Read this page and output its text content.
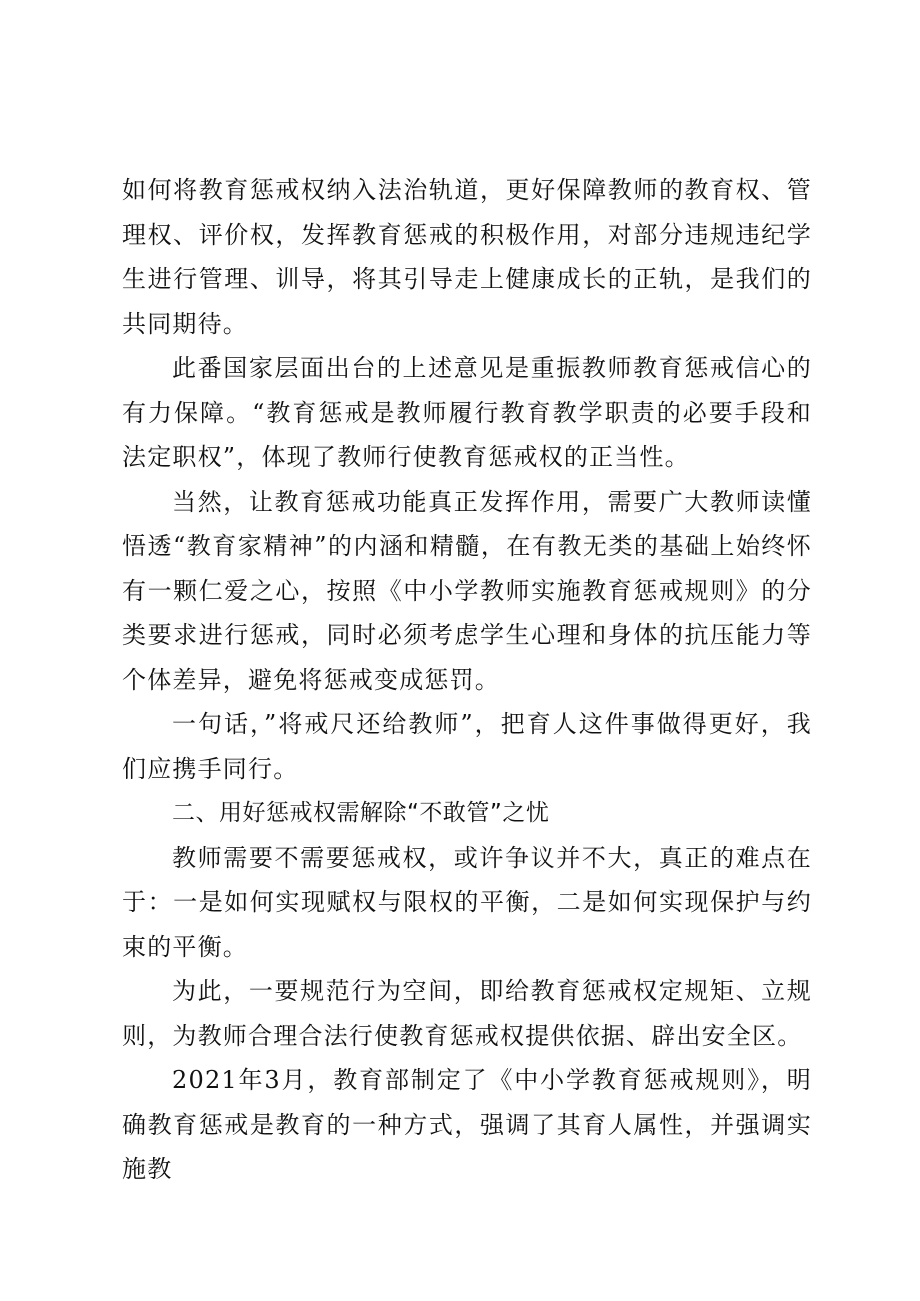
如何将教育惩戒权纳入法治轨道，更好保障教师的教育权、管理权、评价权，发挥教育惩戒的积极作用，对部分违规违纪学生进行管理、训导，将其引导走上健康成长的正轨，是我们的共同期待。

此番国家层面出台的上述意见是重振教师教育惩戒信心的有力保障。“教育惩戒是教师履行教育教学职责的必要手段和法定职权”，体现了教师行使教育惩戒权的正当性。

当然，让教育惩戒功能真正发挥作用，需要广大教师读懂悟透“教育家精神”的内涵和精髓，在有教无类的基础上始终怀有一颗仁爱之心，按照《中小学教师实施教育惩戒规则》的分类要求进行惩戒，同时必须考虑学生心理和身体的抗压能力等个体差异，避免将惩戒变成惩罚。

一句话，”将戒尺还给教师”，把育人这件事做得更好，我们应携手同行。

二、用好惩戒权需解除“不敢管”之忧

教师需要不需要惩戒权，或许争议并不大，真正的难点在于：一是如何实现赋权与限权的平衡，二是如何实现保护与约束的平衡。

为此，一要规范行为空间，即给教育惩戒权定规矩、立规则，为教师合理合法行使教育惩戒权提供依据、辟出安全区。

2021年3月，教育部制定了《中小学教育惩戒规则》，明确教育惩戒是教育的一种方式，强调了其育人属性，并强调实施教
